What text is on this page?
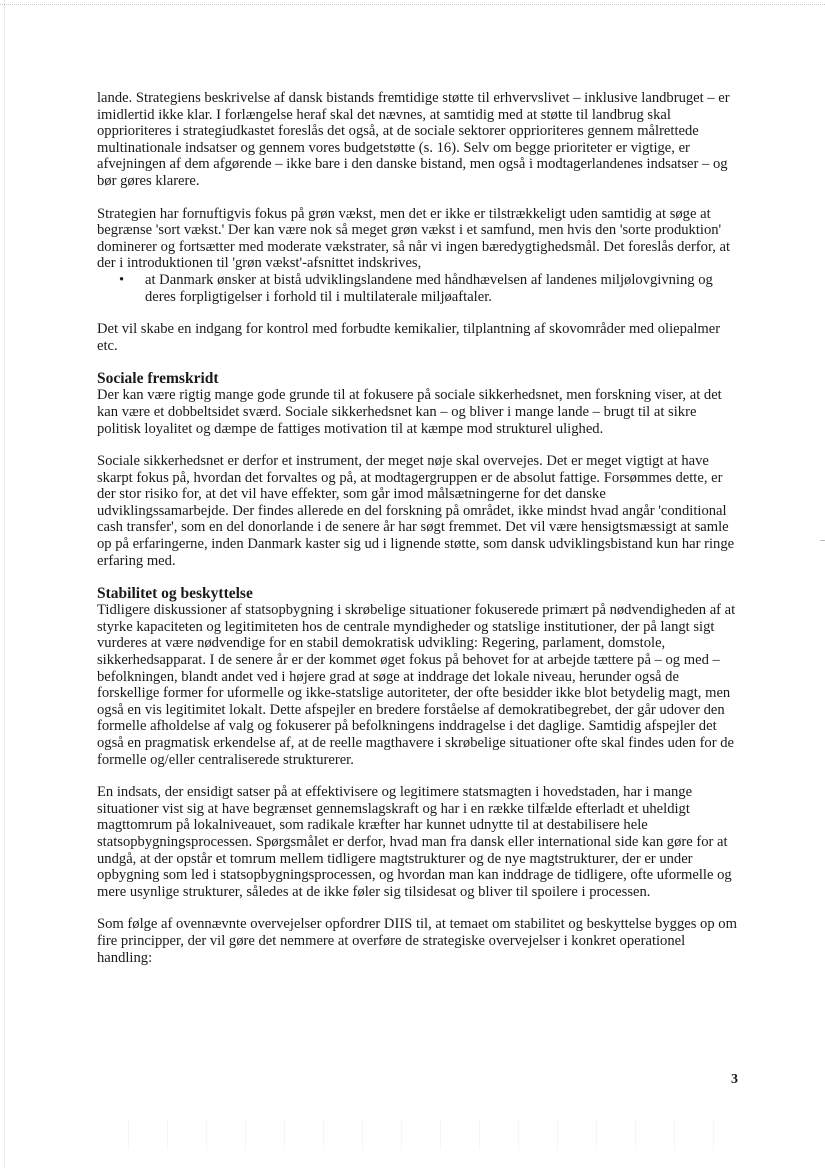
lande. Strategiens beskrivelse af dansk bistands fremtidige støtte til erhvervslivet – inklusive landbruget – er imidlertid ikke klar. I forlængelse heraf skal det nævnes, at samtidig med at støtte til landbrug skal opprioriteres i strategiudkastet foreslås det også, at de sociale sektorer opprioriteres gennem målrettede multinationale indsatser og gennem vores budgetstøtte (s. 16). Selv om begge prioriteter er vigtige, er afvejningen af dem afgørende – ikke bare i den danske bistand, men også i modtagerlandenes indsatser – og bør gøres klarere.

Strategien har fornuftigvis fokus på grøn vækst, men det er ikke er tilstrækkeligt uden samtidig at søge at begrænse 'sort vækst.' Der kan være nok så meget grøn vækst i et samfund, men hvis den 'sorte produktion' dominerer og fortsætter med moderate vækstrater, så når vi ingen bæredygtighedsmål. Det foreslås derfor, at der i introduktionen til 'grøn vækst'-afsnittet indskrives,
• at Danmark ønsker at bistå udviklingslandene med håndhævelsen af landenes miljølovgivning og deres forpligtigelser i forhold til i multilaterale miljøaftaler.

Det vil skabe en indgang for kontrol med forbudte kemikalier, tilplantning af skovområder med oliepalmer etc.

Sociale fremskridt
Der kan være rigtig mange gode grunde til at fokusere på sociale sikkerhedsnet, men forskning viser, at det kan være et dobbeltsidet sværd. Sociale sikkerhedsnet kan – og bliver i mange lande – brugt til at sikre politisk loyalitet og dæmpe de fattiges motivation til at kæmpe mod strukturel ulighed.

Sociale sikkerhedsnet er derfor et instrument, der meget nøje skal overvejes. Det er meget vigtigt at have skarpt fokus på, hvordan det forvaltes og på, at modtagergruppen er de absolut fattige. Forsømmes dette, er der stor risiko for, at det vil have effekter, som går imod målsætningerne for det danske udviklingssamarbejde. Der findes allerede en del forskning på området, ikke mindst hvad angår 'conditional cash transfer', som en del donorlande i de senere år har søgt fremmet. Det vil være hensigtsmæssigt at samle op på erfaringerne, inden Danmark kaster sig ud i lignende støtte, som dansk udviklingsbistand kun har ringe erfaring med.

Stabilitet og beskyttelse
Tidligere diskussioner af statsopbygning i skrøbelige situationer fokuserede primært på nødvendigheden af at styrke kapaciteten og legitimiteten hos de centrale myndigheder og statslige institutioner, der på langt sigt vurderes at være nødvendige for en stabil demokratisk udvikling: Regering, parlament, domstole, sikkerhedsapparat. I de senere år er der kommet øget fokus på behovet for at arbejde tættere på – og med – befolkningen, blandt andet ved i højere grad at søge at inddrage det lokale niveau, herunder også de forskellige former for uformelle og ikke-statslige autoriteter, der ofte besidder ikke blot betydelig magt, men også en vis legitimitet lokalt. Dette afspejler en bredere forståelse af demokratibegrebet, der går udover den formelle afholdelse af valg og fokuserer på befolkningens inddragelse i det daglige. Samtidig afspejler det også en pragmatisk erkendelse af, at de reelle magthavere i skrøbelige situationer ofte skal findes uden for de formelle og/eller centraliserede strukturerer.

En indsats, der ensidigt satser på at effektivisere og legitimere statsmagten i hovedstaden, har i mange situationer vist sig at have begrænset gennemslagskraft og har i en række tilfælde efterladt et uheldigt magttomrum på lokalniveauet, som radikale kræfter har kunnet udnytte til at destabilisere hele statsopbygningsprocessen. Spørgsmålet er derfor, hvad man fra dansk eller international side kan gøre for at undgå, at der opstår et tomrum mellem tidligere magtstrukturer og de nye magtstrukturer, der er under opbygning som led i statsopbygningsprocessen, og hvordan man kan inddrage de tidligere, ofte uformelle og mere usynlige strukturer, således at de ikke føler sig tilsidesat og bliver til spoilere i processen.

Som følge af ovennævnte overvejelser opfordrer DIIS til, at temaet om stabilitet og beskyttelse bygges op om fire principper, der vil gøre det nemmere at overføre de strategiske overvejelser i konkret operationel handling:

3
